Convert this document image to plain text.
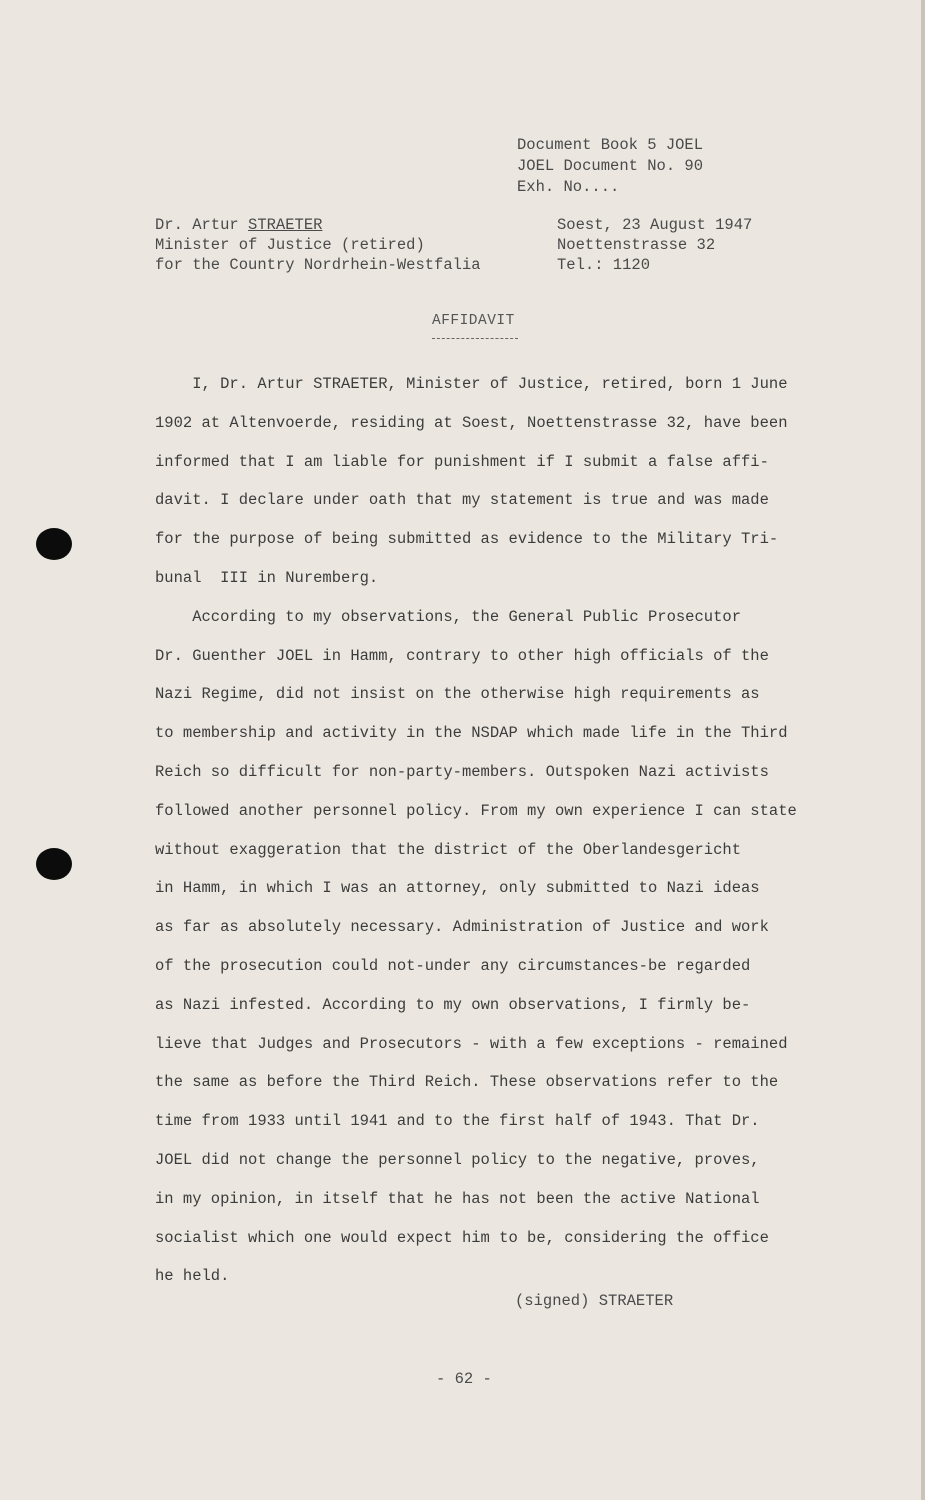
Document Book 5 JOEL
JOEL Document No. 90
Exh. No....
Dr. Artur STRAETER
Minister of Justice (retired)
for the Country Nordrhein-Westfalia
Soest, 23 August 1947
Noettenstrasse 32
Tel.: 1120
AFFIDAVIT
I, Dr. Artur STRAETER, Minister of Justice, retired, born 1 June
1902 at Altenvoerde, residing at Soest, Noettenstrasse 32, have been
informed that I am liable for punishment if I submit a false affi-
davit. I declare under oath that my statement is true and was made
for the purpose of being submitted as evidence to the Military Tri-
bunal  III in Nuremberg.
According to my observations, the General Public Prosecutor
Dr. Guenther JOEL in Hamm, contrary to other high officials of the
Nazi Regime, did not insist on the otherwise high requirements as
to membership and activity in the NSDAP which made life in the Third
Reich so difficult for non-party-members. Outspoken Nazi activists
followed another personnel policy. From my own experience I can state
without exaggeration that the district of the Oberlandesgericht
in Hamm, in which I was an attorney, only submitted to Nazi ideas
as far as absolutely necessary. Administration of Justice and work
of the prosecution could not-under any circumstances-be regarded
as Nazi infested. According to my own observations, I firmly be-
lieve that Judges and Prosecutors - with a few exceptions - remained
the same as before the Third Reich. These observations refer to the
time from 1933 until 1941 and to the first half of 1943. That Dr.
JOEL did not change the personnel policy to the negative, proves,
in my opinion, in itself that he has not been the active National
socialist which one would expect him to be, considering the office
he held.
(signed) STRAETER
- 62 -
